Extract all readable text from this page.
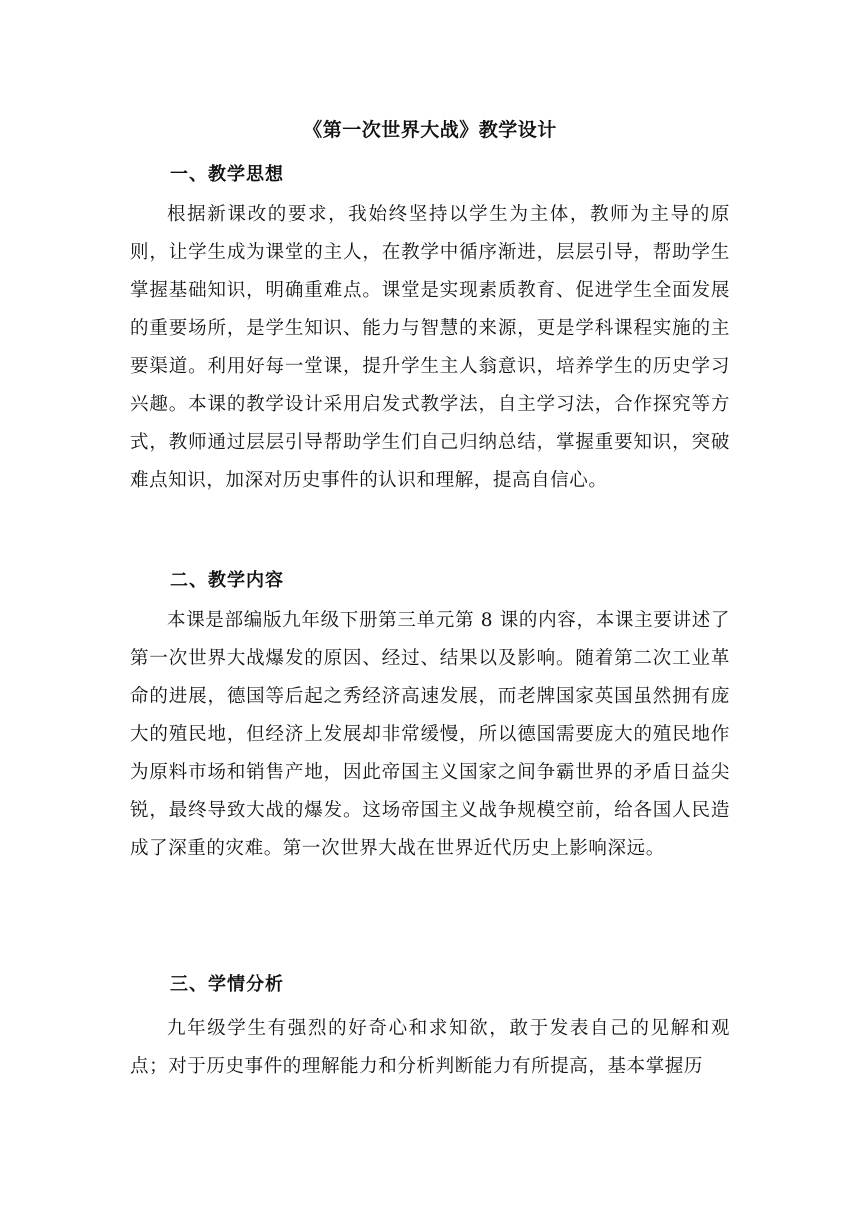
《第一次世界大战》教学设计
一、教学思想
根据新课改的要求，我始终坚持以学生为主体，教师为主导的原则，让学生成为课堂的主人，在教学中循序渐进，层层引导，帮助学生掌握基础知识，明确重难点。课堂是实现素质教育、促进学生全面发展的重要场所，是学生知识、能力与智慧的来源，更是学科课程实施的主要渠道。利用好每一堂课，提升学生主人翁意识，培养学生的历史学习兴趣。本课的教学设计采用启发式教学法，自主学习法，合作探究等方式，教师通过层层引导帮助学生们自己归纳总结，掌握重要知识，突破难点知识，加深对历史事件的认识和理解，提高自信心。
二、教学内容
本课是部编版九年级下册第三单元第 8 课的内容，本课主要讲述了第一次世界大战爆发的原因、经过、结果以及影响。随着第二次工业革命的进展，德国等后起之秀经济高速发展，而老牌国家英国虽然拥有庞大的殖民地，但经济上发展却非常缓慢，所以德国需要庞大的殖民地作为原料市场和销售产地，因此帝国主义国家之间争霸世界的矛盾日益尖锐，最终导致大战的爆发。这场帝国主义战争规模空前，给各国人民造成了深重的灾难。第一次世界大战在世界近代历史上影响深远。
三、学情分析
九年级学生有强烈的好奇心和求知欲，敢于发表自己的见解和观点；对于历史事件的理解能力和分析判断能力有所提高，基本掌握历
